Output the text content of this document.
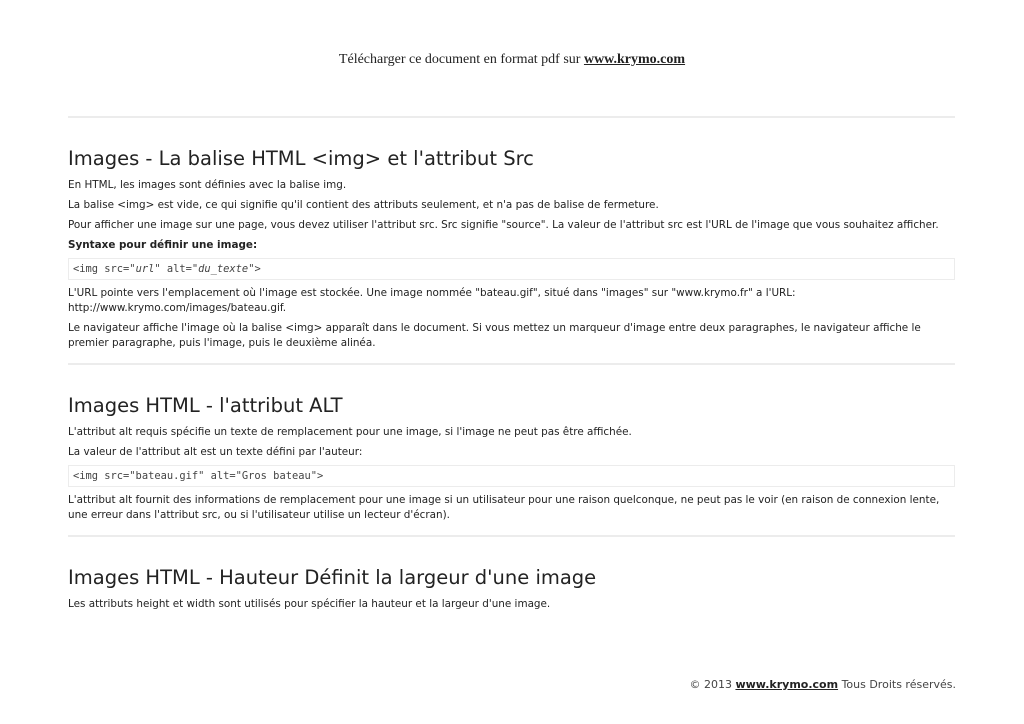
Télécharger ce document en format pdf sur www.krymo.com
Images - La balise HTML <img> et l'attribut Src

En HTML, les images sont définies avec la balise img.

La balise <img> est vide, ce qui signifie qu'il contient des attributs seulement, et n'a pas de balise de fermeture.

Pour afficher une image sur une page, vous devez utiliser l'attribut src. Src signifie "source". La valeur de l'attribut src est l'URL de l'image que vous souhaitez afficher.

Syntaxe pour définir une image:

<img src="url" alt="du_texte">

L'URL pointe vers l'emplacement où l'image est stockée. Une image nommée "bateau.gif", situé dans "images" sur "www.krymo.fr" a l'URL: http://www.krymo.com/images/bateau.gif.

Le navigateur affiche l'image où la balise <img> apparaît dans le document. Si vous mettez un marqueur d'image entre deux paragraphes, le navigateur affiche le premier paragraphe, puis l'image, puis le deuxième alinéa.

Images HTML - l'attribut ALT

L'attribut alt requis spécifie un texte de remplacement pour une image, si l'image ne peut pas être affichée.

La valeur de l'attribut alt est un texte défini par l'auteur:

<img src="bateau.gif" alt="Gros bateau">

L'attribut alt fournit des informations de remplacement pour une image si un utilisateur pour une raison quelconque, ne peut pas le voir (en raison de connexion lente, une erreur dans l'attribut src, ou si l'utilisateur utilise un lecteur d'écran).

Images HTML - Hauteur Définit la largeur d'une image

Les attributs height et width sont utilisés pour spécifier la hauteur et la largeur d'une image.

© 2013 www.krymo.com Tous Droits réservés.
